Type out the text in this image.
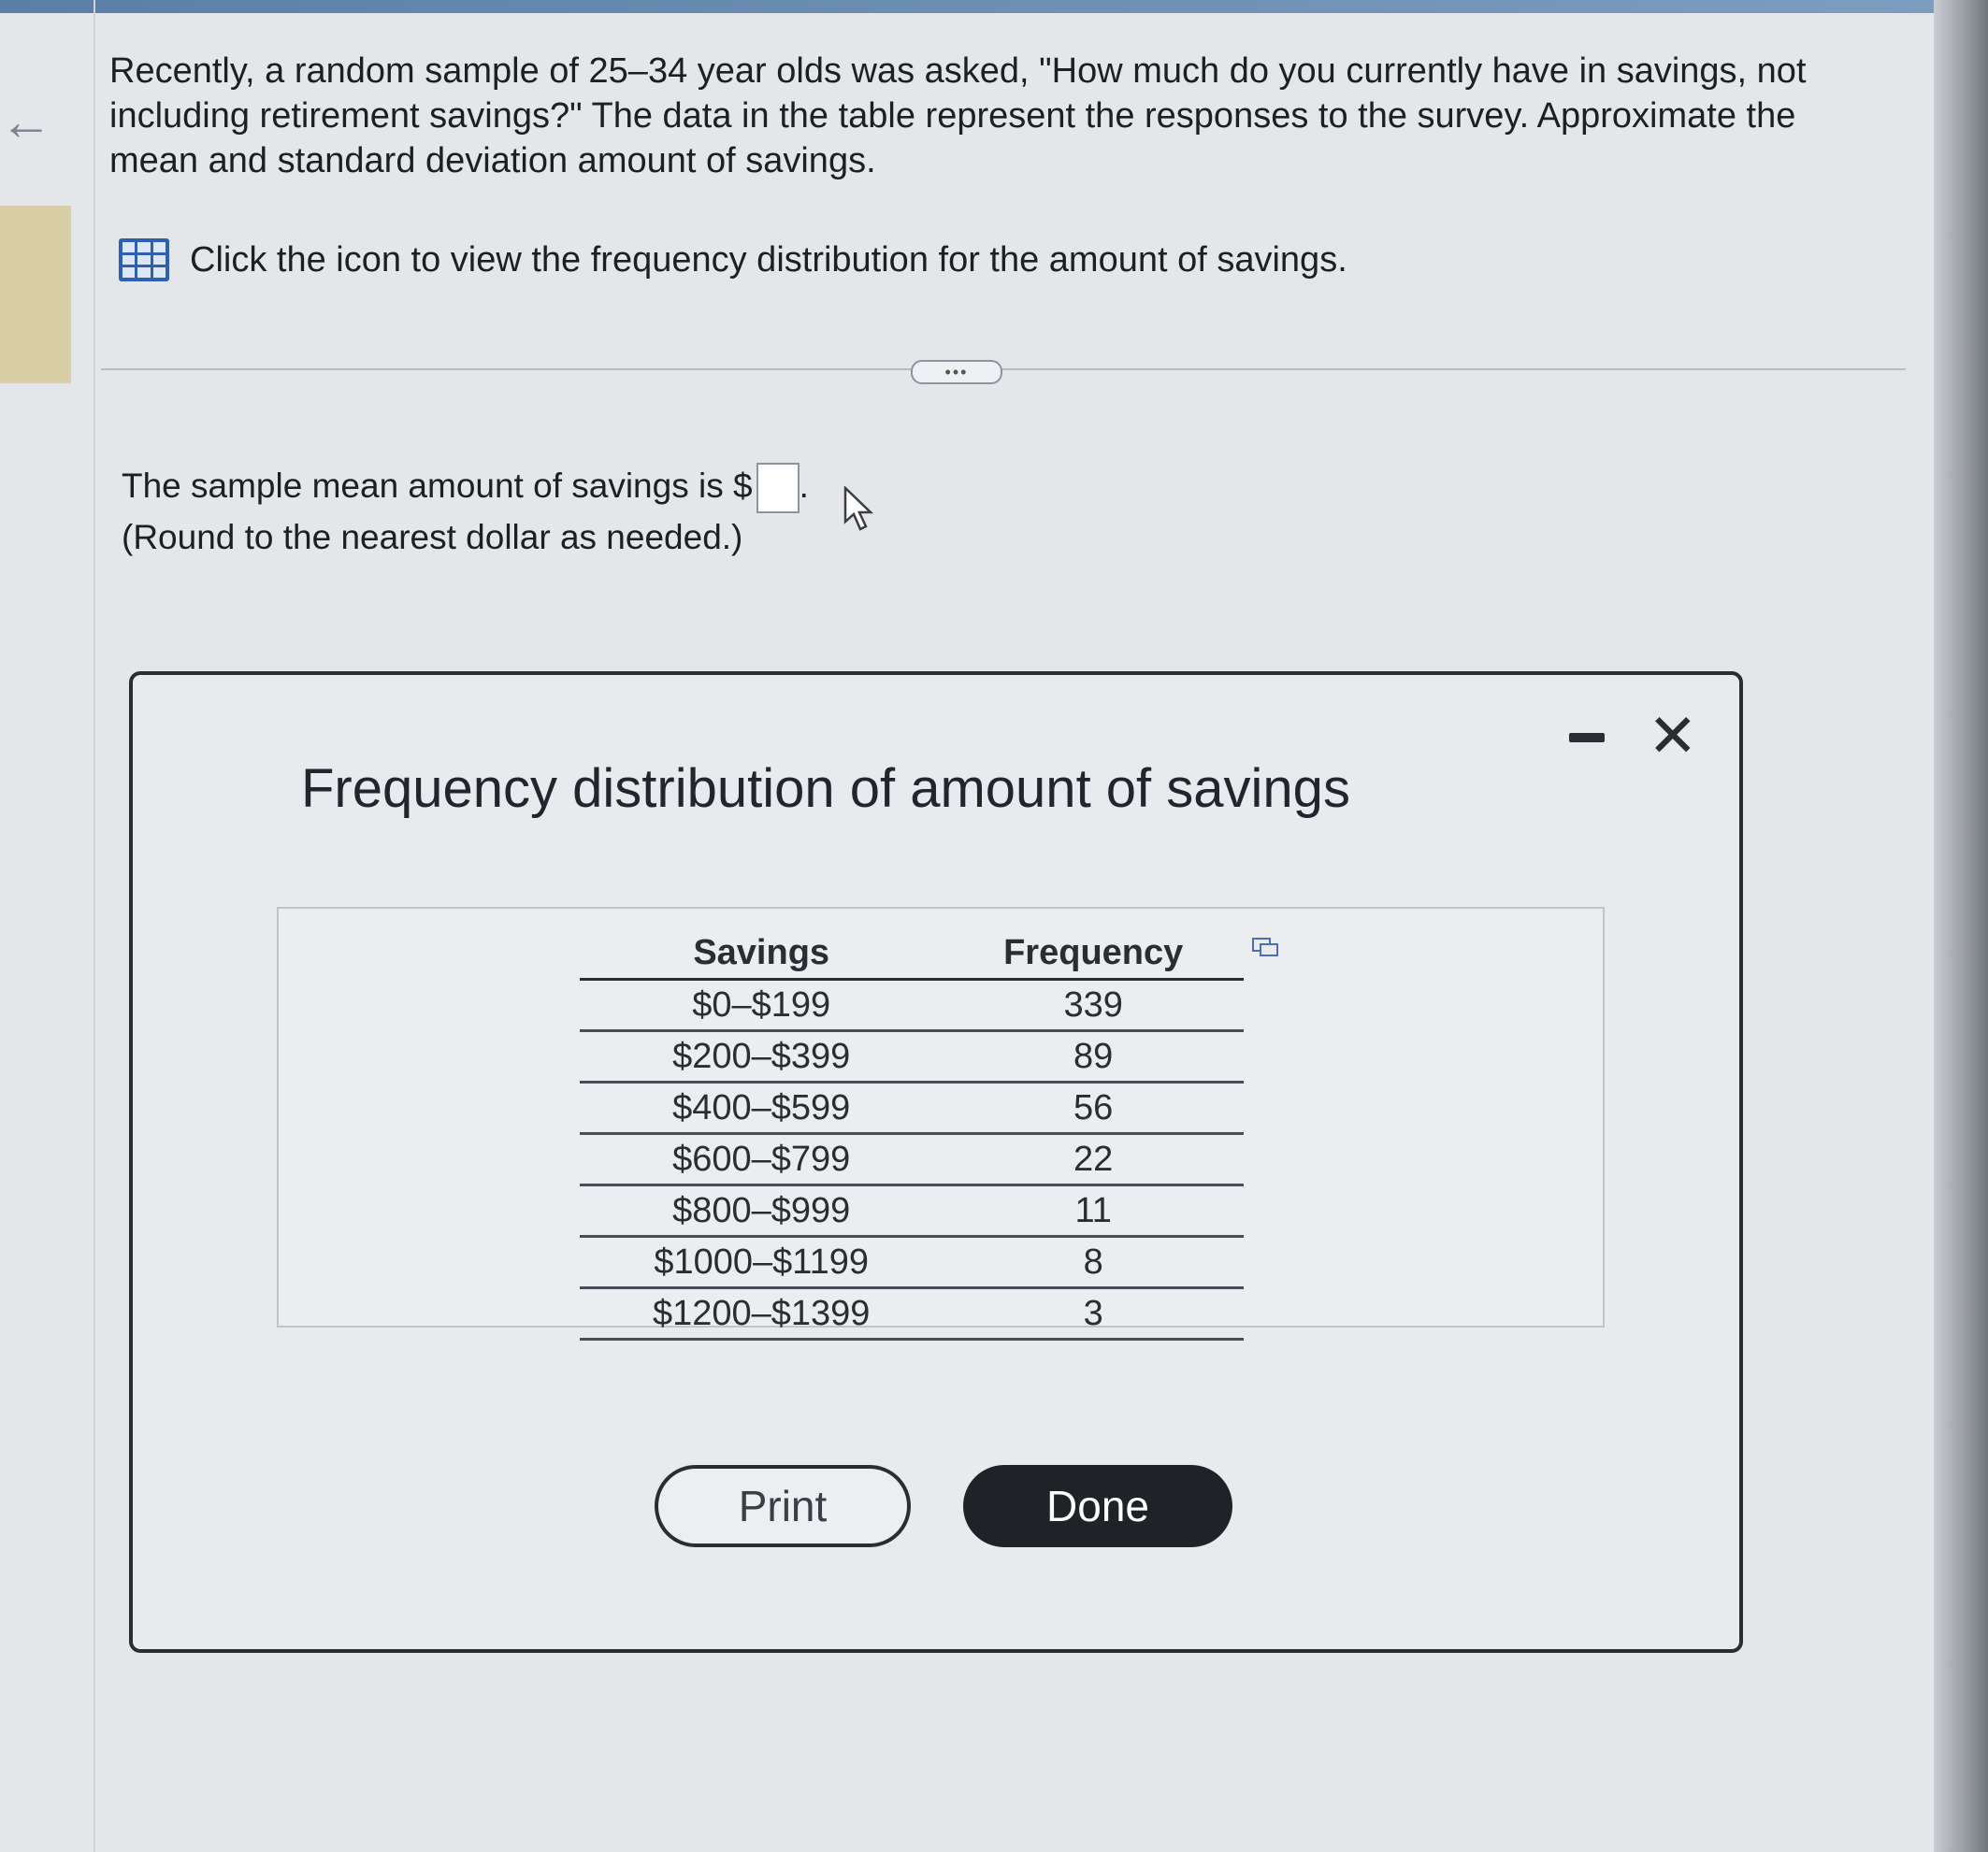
←
Recently, a random sample of 25–34 year olds was asked, "How much do you currently have in savings, not including retirement savings?" The data in the table represent the responses to the survey. Approximate the mean and standard deviation amount of savings.
Click the icon to view the frequency distribution for the amount of savings.
•••
The sample mean amount of savings is $ .
(Round to the nearest dollar as needed.)
Frequency distribution of amount of savings
✕
Savings	Frequency
$0–$199	339
$200–$399	89
$400–$599	56
$600–$799	22
$800–$999	11
$1000–$1199	8
$1200–$1399	3
Print	Done
